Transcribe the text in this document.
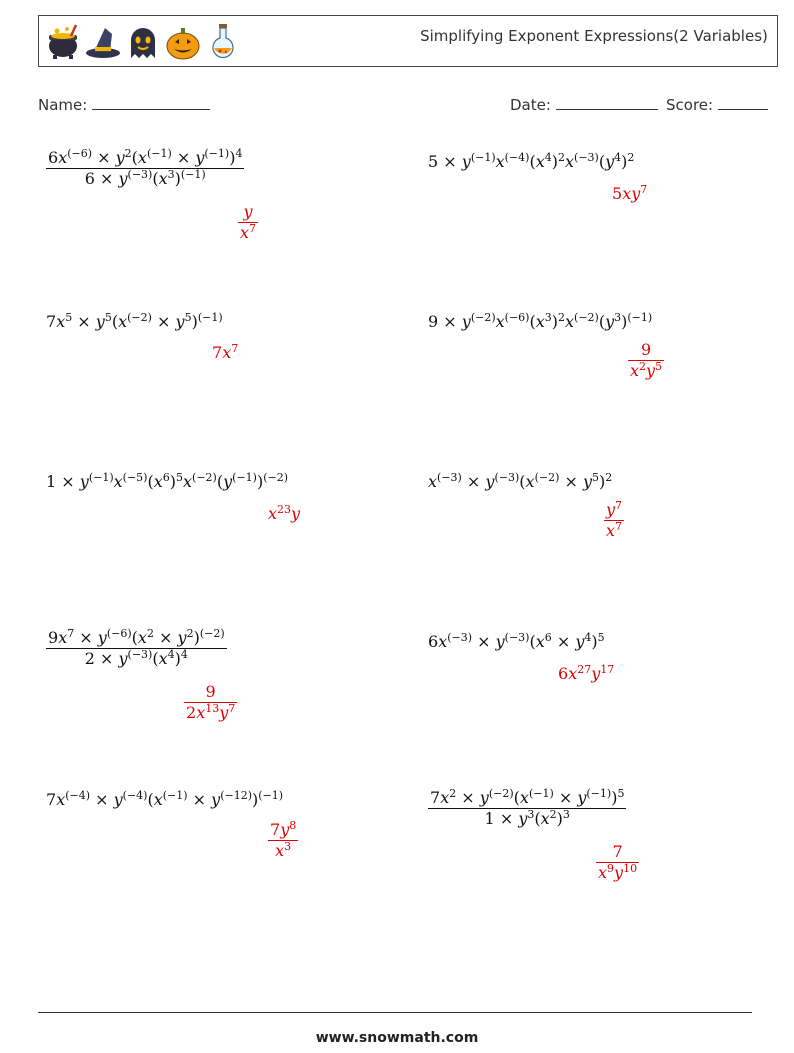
Simplifying Exponent Expressions(2 Variables)
Name:	Date:	Score:
$\frac{6x^{(-6)} \times y^2(x^{(-1)} \times y^{(-1)})^4}{6 \times y^{(-3)}(x^3)^{(-1)}}$
$\frac{y}{x^7}$
$5 \times y^{(-1)}x^{(-4)}(x^4)^2x^{(-3)}(y^4)^2$
$5xy^7$
$7x^5 \times y^5(x^{(-2)} \times y^5)^{(-1)}$
$7x^7$
$9 \times y^{(-2)}x^{(-6)}(x^3)^2x^{(-2)}(y^3)^{(-1)}$
$\frac{9}{x^2y^5}$
$1 \times y^{(-1)}x^{(-5)}(x^6)^5x^{(-2)}(y^{(-1)})^{(-2)}$
$x^{23}y$
$x^{(-3)} \times y^{(-3)}(x^{(-2)} \times y^5)^2$
$\frac{y^7}{x^7}$
$\frac{9x^7 \times y^{(-6)}(x^2 \times y^2)^{(-2)}}{2 \times y^{(-3)}(x^4)^4}$
$\frac{9}{2x^{13}y^7}$
$6x^{(-3)} \times y^{(-3)}(x^6 \times y^4)^5$
$6x^{27}y^{17}$
$7x^{(-4)} \times y^{(-4)}(x^{(-1)} \times y^{(-12)})^{(-1)}$
$\frac{7y^8}{x^3}$
$\frac{7x^2 \times y^{(-2)}(x^{(-1)} \times y^{(-1)})^5}{1 \times y^3(x^2)^3}$
$\frac{7}{x^9y^{10}}$
www.snowmath.com
